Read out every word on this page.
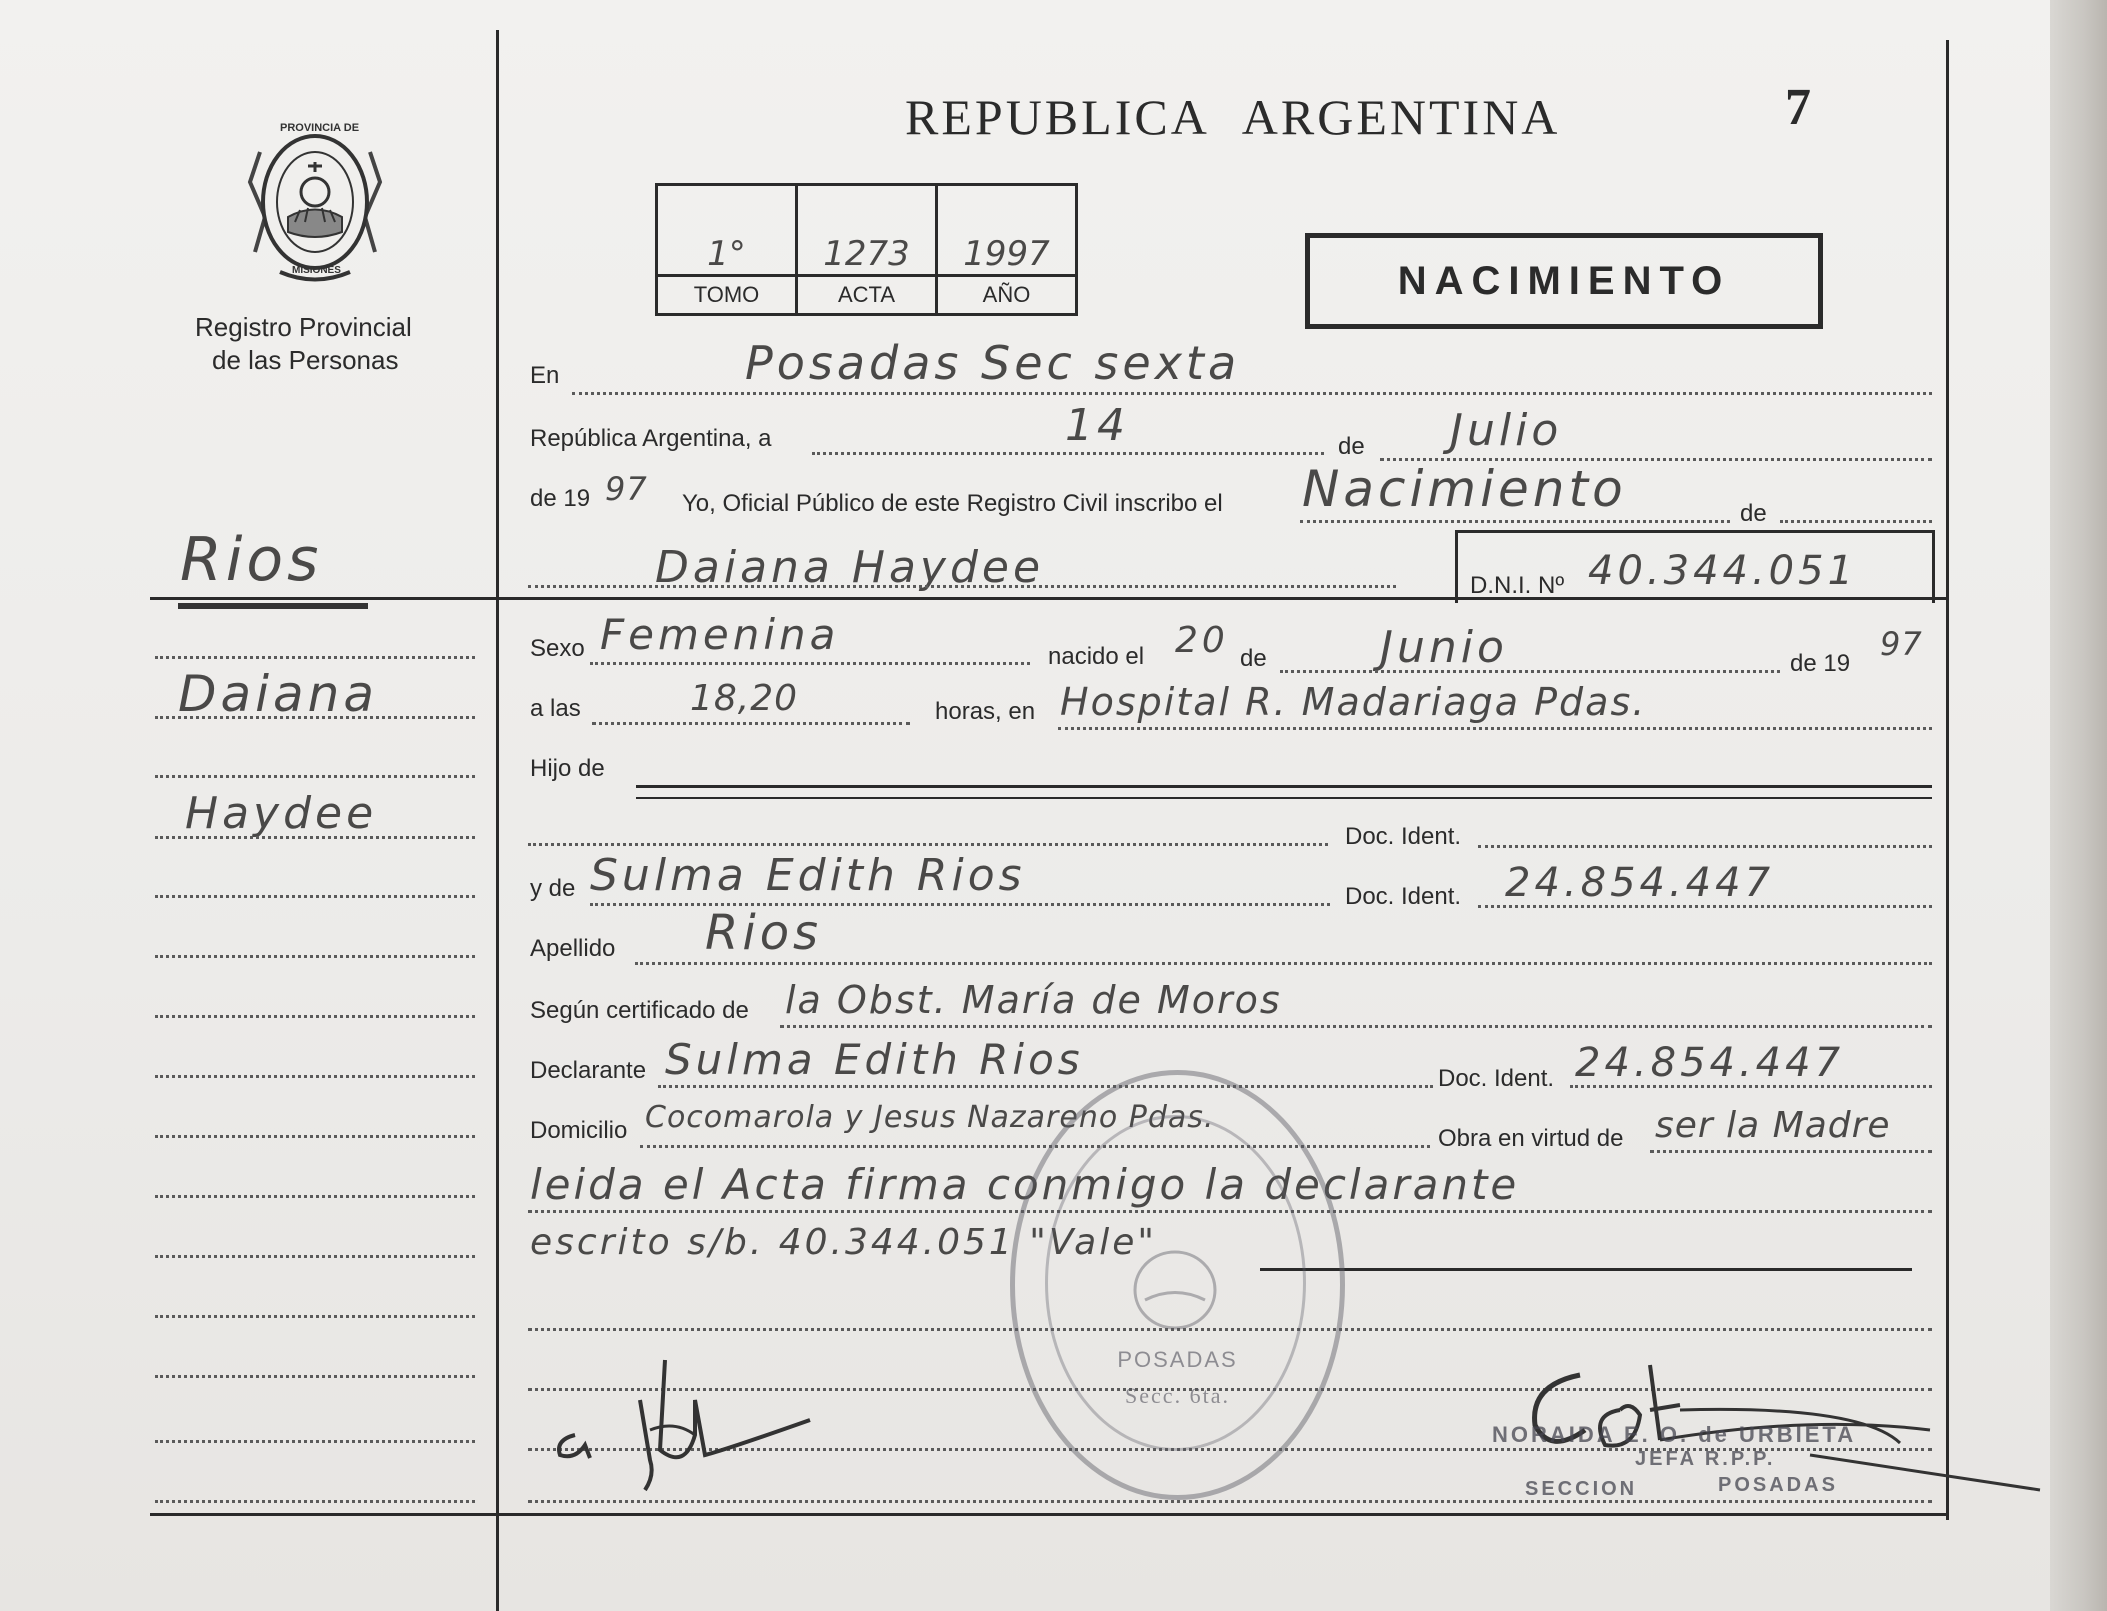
PROVINCIA DE
MISIONES
Registro Provincial
de las Personas
REPUBLICA ARGENTINA	7
1°	1273	1997
TOMO	ACTA	AÑO	NACIMIENTO
Rios
Daiana
Haydee
En	Posadas Sec sexta
República Argentina, a	14	de Julio
de 19 97 Yo, Oficial Público de este Registro Civil inscribo el Nacimiento	de
Daiana Haydee	D.N.I. Nº 40.344.051
Sexo Femenina	nacido el 20 de	Junio	de 19
97
a las	18,20	horas, en Hospital R. Madariaga Pdas.
Hijo de
Doc. Ident.
y de Sulma Edith Rios	Doc. Ident. 24.854.447
Apellido Rios
Según certificado de la Obst. María de Moros
Declarante Sulma Edith Rios	Doc. Ident. 24.854.447
Domicilio Cocomarola y Jesus Nazareno Pdas.
Obra en virtud de ser la Madre
leida el Acta firma conmigo la declarante
escrito s/b. 40.344.051 "Vale"
POSADAS
Secc. 6ta.
NORAIDA E. O. de URBIETA
JEFA R.P.P.
SECCION	POSADAS
